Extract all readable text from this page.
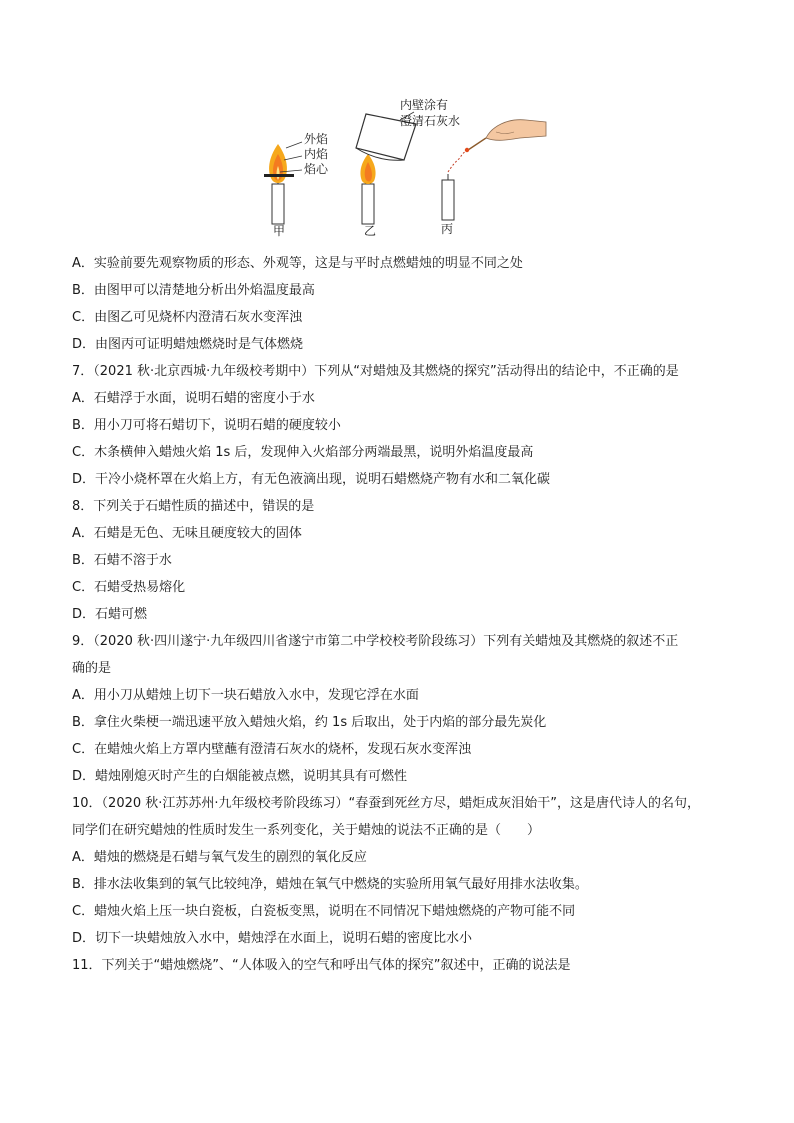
外焰
内焰
焰心
内壁涂有
澄清石灰水
甲	乙	丙
A．实验前要先观察物质的形态、外观等，这是与平时点燃蜡烛的明显不同之处
B．由图甲可以清楚地分析出外焰温度最高
C．由图乙可见烧杯内澄清石灰水变浑浊
D．由图丙可证明蜡烛燃烧时是气体燃烧
7．（2021 秋·北京西城·九年级校考期中）下列从“对蜡烛及其燃烧的探究”活动得出的结论中，不正确的是
A．石蜡浮于水面，说明石蜡的密度小于水
B．用小刀可将石蜡切下，说明石蜡的硬度较小
C．木条横伸入蜡烛火焰 1s 后，发现伸入火焰部分两端最黑，说明外焰温度最高
D．干冷小烧杯罩在火焰上方，有无色液滴出现，说明石蜡燃烧产物有水和二氧化碳
8．下列关于石蜡性质的描述中，错误的是
A．石蜡是无色、无味且硬度较大的固体
B．石蜡不溶于水
C．石蜡受热易熔化
D．石蜡可燃
9．（2020 秋·四川遂宁·九年级四川省遂宁市第二中学校校考阶段练习）下列有关蜡烛及其燃烧的叙述不正
确的是
A．用小刀从蜡烛上切下一块石蜡放入水中，发现它浮在水面
B．拿住火柴梗一端迅速平放入蜡烛火焰，约 1s 后取出，处于内焰的部分最先炭化
C．在蜡烛火焰上方罩内壁蘸有澄清石灰水的烧杯，发现石灰水变浑浊
D．蜡烛刚熄灭时产生的白烟能被点燃，说明其具有可燃性
10．（2020 秋·江苏苏州·九年级校考阶段练习）“春蚕到死丝方尽，蜡炬成灰泪始干”，这是唐代诗人的名句，
同学们在研究蜡烛的性质时发生一系列变化，关于蜡烛的说法不正确的是（　　）
A．蜡烛的燃烧是石蜡与氧气发生的剧烈的氧化反应
B．排水法收集到的氧气比较纯净，蜡烛在氧气中燃烧的实验所用氧气最好用排水法收集。
C．蜡烛火焰上压一块白瓷板，白瓷板变黑，说明在不同情况下蜡烛燃烧的产物可能不同
D．切下一块蜡烛放入水中，蜡烛浮在水面上，说明石蜡的密度比水小
11．下列关于“蜡烛燃烧”、“人体吸入的空气和呼出气体的探究”叙述中，正确的说法是
